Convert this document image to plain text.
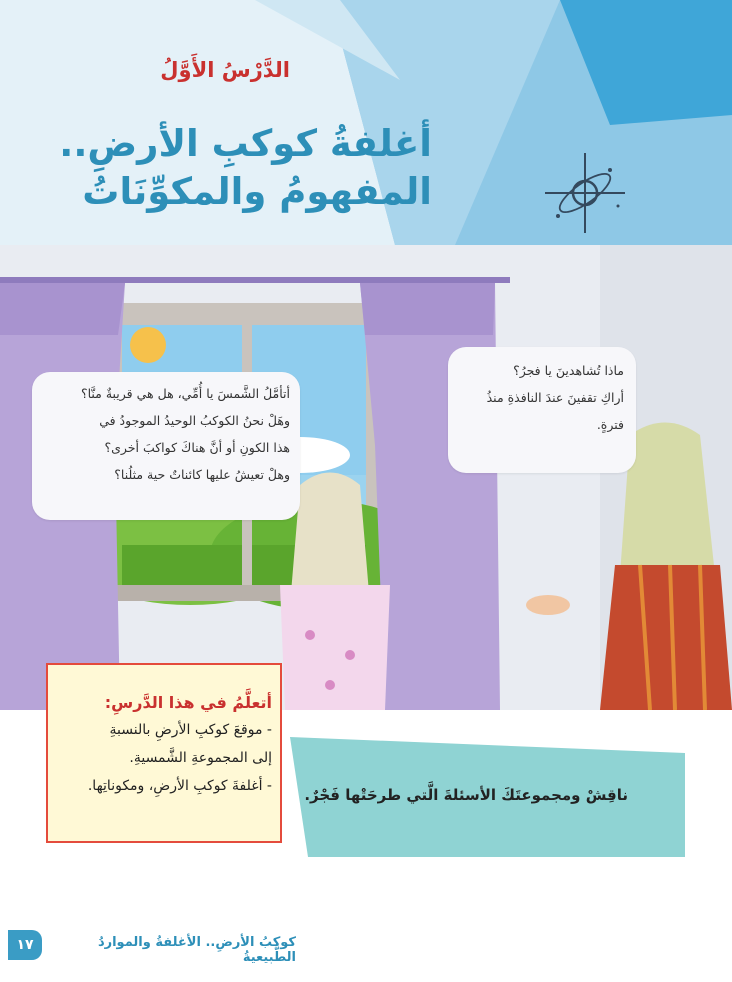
الدَّرْسُ الأَوَّلُ
أغلفةُ كوكبِ الأرضِ..
المفهومُ والمكوِّنَاتُ
أتأمَّلُ الشَّمسَ يا أُمِّي، هل هي قريبةٌ منَّا؟
وهَلْ نحنُ الكوكبُ الوحيدُ الموجودُ في
هذا الكونِ أو أنَّ هناكَ كواكبَ أخرى؟
وهلْ تعيشُ عليها كائناتٌ حية مثلُنا؟
ماذا تُشاهدينَ يا فجرُ؟
أراكِ تقفينَ عندَ النافذةِ منذُ
فترةٍ.
أتعلَّمُ في هذا الدَّرسِ:
- موقعَ كوكبِ الأرضِ بالنسبةِ
إلى المجموعةِ الشَّمسيةِ.
- أغلفةَ كوكبِ الأرضِ، ومكوناتِها.	ناقِشْ ومجموعتَكَ الأسئلةَ الَّتي طرحَتْها فَجْرٌ.
١٧	كوكبُ الأرضِ.. الأغلفةُ والمواردُ الطَّبيعيةُ
